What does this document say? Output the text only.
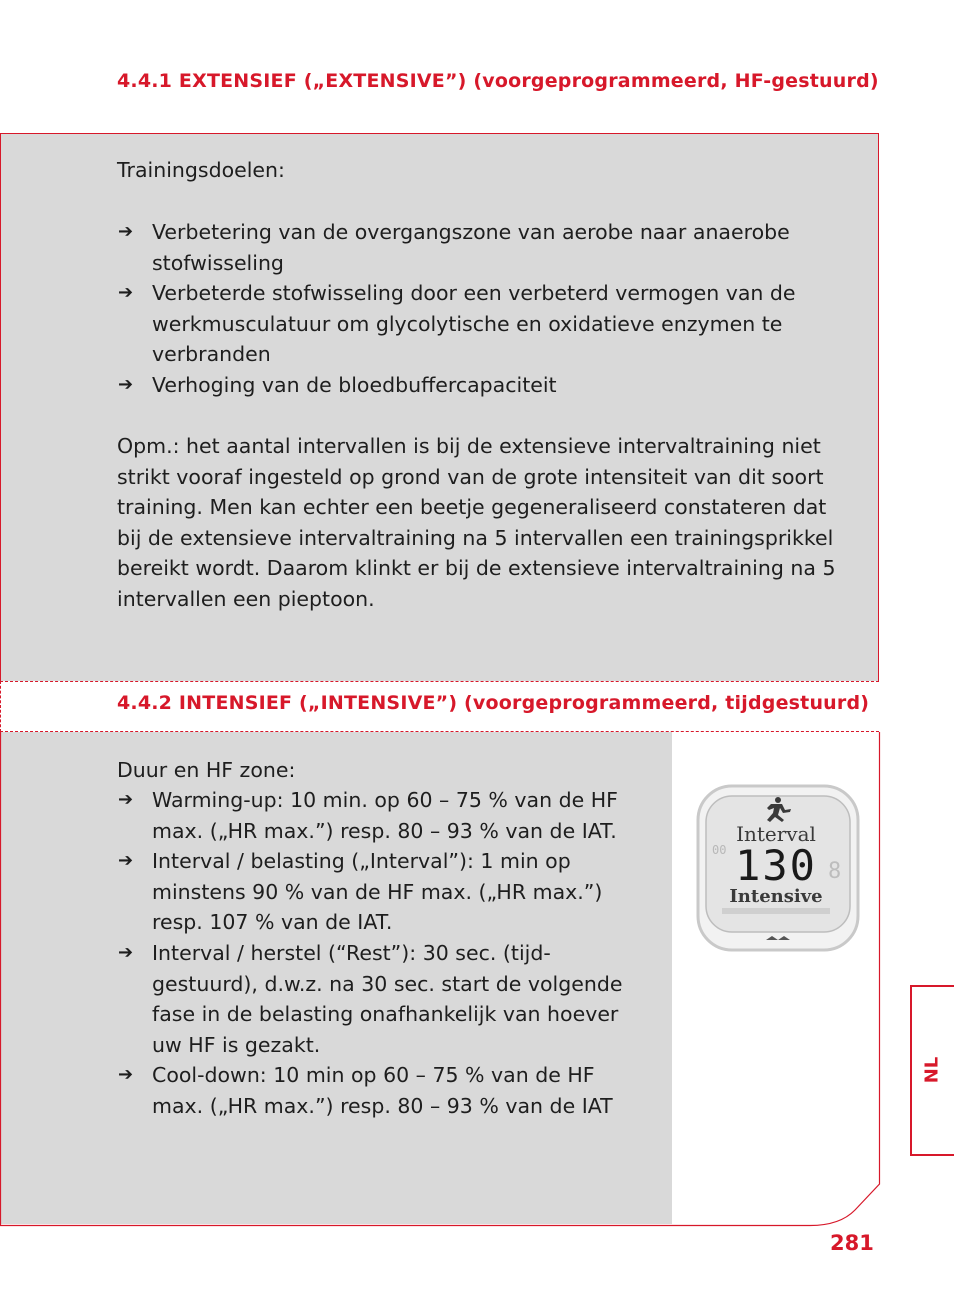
4.4.1 EXTENSIEF („EXTENSIVE”) (voorgeprogrammeerd, HF-gestuurd)
Trainingsdoelen:
➔ Verbetering van de overgangszone van aerobe naar anaerobe stofwisseling
➔ Verbeterde stofwisseling door een verbeterd vermogen van de werkmusculatuur om glycolytische en oxidatieve enzymen te verbranden
➔ Verhoging van de bloedbuffercapaciteit
Opm.: het aantal intervallen is bij de extensieve intervaltraining niet strikt vooraf ingesteld op grond van de grote intensiteit van dit soort training. Men kan echter een beetje gegeneraliseerd constateren dat bij de extensieve intervaltraining na 5 intervallen een trainingsprikkel bereikt wordt. Daarom klinkt er bij de extensieve intervaltraining na 5 intervallen een pieptoon.
4.4.2 INTENSIEF („INTENSIVE”) (voorgeprogrammeerd, tijdgestuurd)
Duur en HF zone:
➔ Warming-up: 10 min. op 60 – 75 % van de HF max. („HR max.”) resp. 80 – 93 % van de IAT.
➔ Interval / belasting („Interval”): 1 min op minstens 90 % van de HF max. („HR max.”) resp. 107 % van de IAT.
➔ Interval / herstel (“Rest”): 30 sec. (tijd-gestuurd), d.w.z. na 30 sec. start de volgende fase in de belasting onafhankelijk van hoever uw HF is gezakt.
➔ Cool-down: 10 min op 60 – 75 % van de HF max. („HR max.”) resp. 80 – 93 % van de IAT
Interval
130
00
8
Intensive
NL
281
